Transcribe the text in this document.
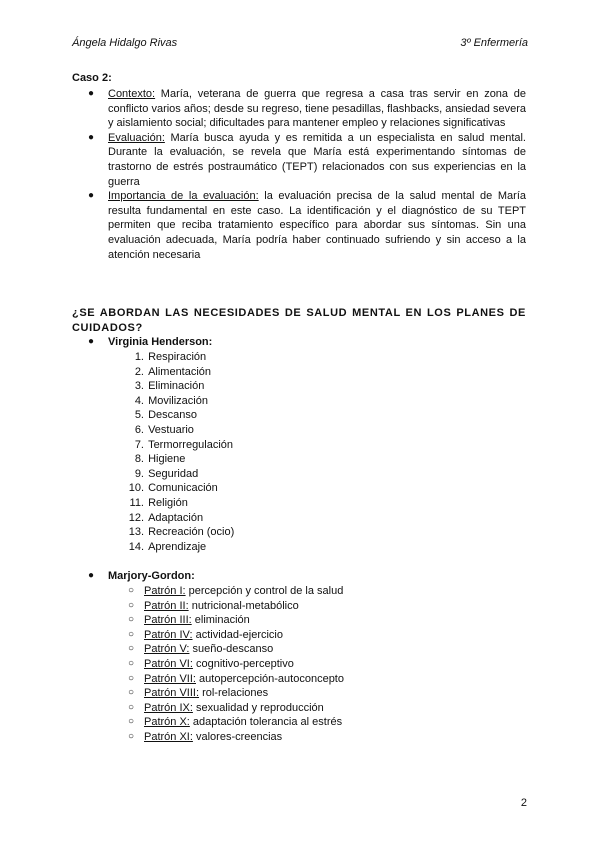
Ángela Hidalgo Rivas	3º Enfermería
Caso 2:
● Contexto: María, veterana de guerra que regresa a casa tras servir en zona de conflicto varios años; desde su regreso, tiene pesadillas, flashbacks, ansiedad severa y aislamiento social; dificultades para mantener empleo y relaciones significativas
● Evaluación: María busca ayuda y es remitida a un especialista en salud mental. Durante la evaluación, se revela que María está experimentando síntomas de trastorno de estrés postraumático (TEPT) relacionados con sus experiencias en la guerra
● Importancia de la evaluación: la evaluación precisa de la salud mental de María resulta fundamental en este caso. La identificación y el diagnóstico de su TEPT permiten que reciba tratamiento específico para abordar sus síntomas. Sin una evaluación adecuada, María podría haber continuado sufriendo y sin acceso a la atención necesaria
¿SE ABORDAN LAS NECESIDADES DE SALUD MENTAL EN LOS PLANES DE CUIDADOS?
● Virginia Henderson:
1. Respiración
2. Alimentación
3. Eliminación
4. Movilización
5. Descanso
6. Vestuario
7. Termorregulación
8. Higiene
9. Seguridad
10. Comunicación
11. Religión
12. Adaptación
13. Recreación (ocio)
14. Aprendizaje
● Marjory-Gordon:
○ Patrón I: percepción y control de la salud
○ Patrón II: nutricional-metabólico
○ Patrón III: eliminación
○ Patrón IV: actividad-ejercicio
○ Patrón V: sueño-descanso
○ Patrón VI: cognitivo-perceptivo
○ Patrón VII: autopercepción-autoconcepto
○ Patrón VIII: rol-relaciones
○ Patrón IX: sexualidad y reproducción
○ Patrón X: adaptación tolerancia al estrés
○ Patrón XI: valores-creencias
2
